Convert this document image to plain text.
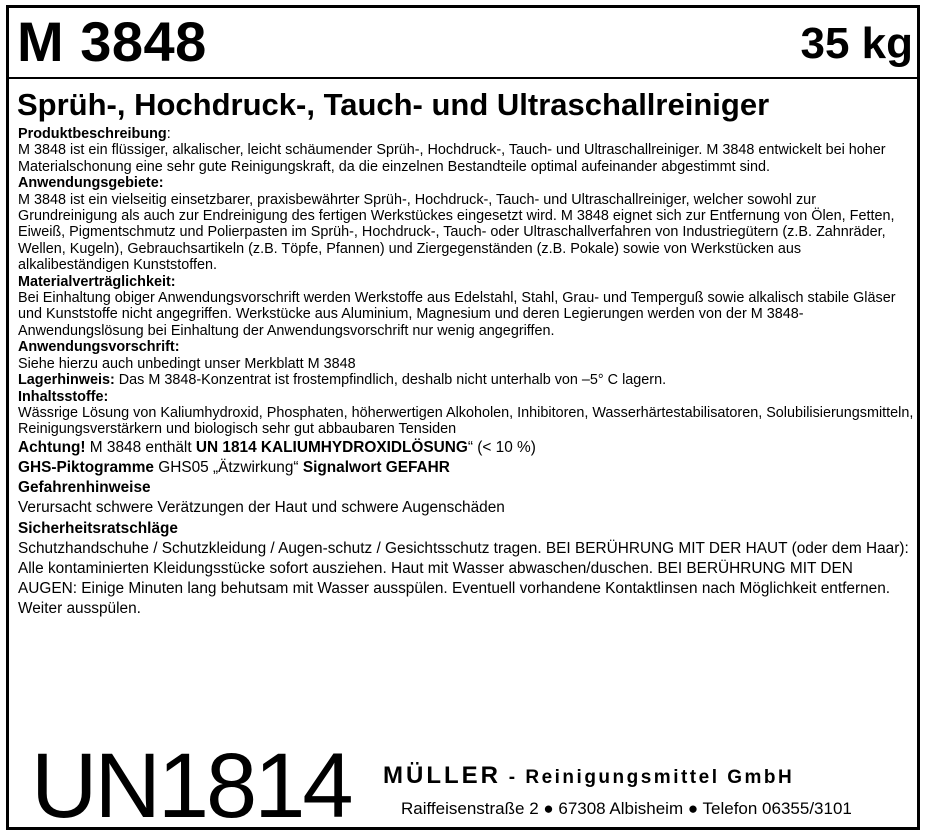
M 3848	35 kg
Sprüh-, Hochdruck-, Tauch- und Ultraschallreiniger

Produktbeschreibung:

M 3848 ist ein flüssiger, alkalischer, leicht schäumender Sprüh-, Hochdruck-, Tauch- und Ultraschallreiniger. M 3848 entwickelt bei hoher Materialschonung eine sehr gute Reinigungskraft, da die einzelnen Bestandteile optimal aufeinander abgestimmt sind.

Anwendungsgebiete:

M 3848 ist ein vielseitig einsetzbarer, praxisbewährter Sprüh-, Hochdruck-, Tauch- und Ultraschallreiniger, welcher sowohl zur Grundreinigung als auch zur Endreinigung des fertigen Werkstückes eingesetzt wird. M 3848 eignet sich zur Entfernung von Ölen, Fetten, Eiweiß, Pigmentschmutz und Polierpasten im Sprüh-, Hochdruck-, Tauch- oder Ultraschallverfahren von Industriegütern (z.B. Zahnräder, Wellen, Kugeln), Gebrauchsartikeln (z.B. Töpfe, Pfannen) und Ziergegenständen (z.B. Pokale) sowie von Werkstücken aus alkalibeständigen Kunststoffen.

Materialverträglichkeit:

Bei Einhaltung obiger Anwendungsvorschrift werden Werkstoffe aus Edelstahl, Stahl, Grau- und Temperguß sowie alkalisch stabile Gläser und Kunststoffe nicht angegriffen. Werkstücke aus Aluminium, Magnesium und deren Legierungen werden von der M 3848-Anwendungslösung bei Einhaltung der Anwendungsvorschrift nur wenig angegriffen.

Anwendungsvorschrift:

Siehe hierzu auch unbedingt unser Merkblatt M 3848

Lagerhinweis: Das M 3848-Konzentrat ist frostempfindlich, deshalb nicht unterhalb von –5° C lagern.

Inhaltsstoffe:

Wässrige Lösung von Kaliumhydroxid, Phosphaten, höherwertigen Alkoholen, Inhibitoren, Wasserhärtestabilisatoren, Solubilisierungsmitteln, Reinigungsverstärkern und biologisch sehr gut abbaubaren Tensiden

Achtung! M 3848 enthält UN 1814 KALIUMHYDROXIDLÖSUNG“ (< 10 %)

GHS-Piktogramme GHS05 „Ätzwirkung“ Signalwort GEFAHR

Gefahrenhinweise

Verursacht schwere Verätzungen der Haut und schwere Augenschäden

Sicherheitsratschläge

Schutzhandschuhe / Schutzkleidung / Augen-schutz / Gesichtsschutz tragen. BEI BERÜHRUNG MIT DER HAUT (oder dem Haar): Alle kontaminierten Kleidungsstücke sofort ausziehen. Haut mit Wasser abwaschen/duschen. BEI BERÜHRUNG MIT DEN AUGEN: Einige Minuten lang behutsam mit Wasser ausspülen. Eventuell vorhandene Kontaktlinsen nach Möglichkeit entfernen. Weiter ausspülen.

UN1814 MÜLLER - Reinigungsmittel GmbH
Raiffeisenstraße 2 ● 67308 Albisheim ● Telefon 06355/3101
